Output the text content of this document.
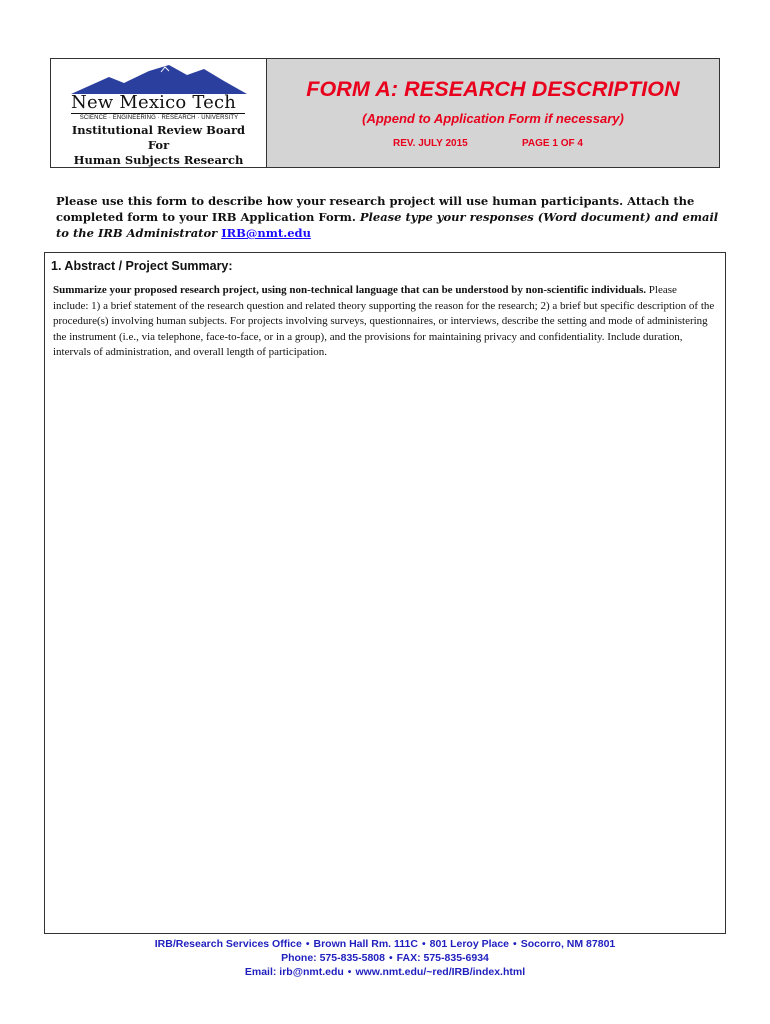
New Mexico Tech
SCIENCE · ENGINEERING · RESEARCH · UNIVERSITY
Institutional Review Board
For
Human Subjects Research
FORM A: RESEARCH DESCRIPTION
(Append to Application Form if necessary)
REV. JULY 2015	PAGE 1 OF 4
Please use this form to describe how your research project will use human participants. Attach the completed form to your IRB Application Form. Please type your responses (Word document) and email to the IRB Administrator IRB@nmt.edu
1. Abstract / Project Summary:
Summarize your proposed research project, using non-technical language that can be understood by non-scientific individuals. Please include: 1) a brief statement of the research question and related theory supporting the reason for the research; 2) a brief but specific description of the procedure(s) involving human subjects. For projects involving surveys, questionnaires, or interviews, describe the setting and mode of administering the instrument (i.e., via telephone, face-to-face, or in a group), and the provisions for maintaining privacy and confidentiality. Include duration, intervals of administration, and overall length of participation.
IRB/Research Services Office • Brown Hall Rm. 111C • 801 Leroy Place • Socorro, NM 87801
Phone: 575-835-5808 • FAX: 575-835-6934
Email: irb@nmt.edu • www.nmt.edu/~red/IRB/index.html
